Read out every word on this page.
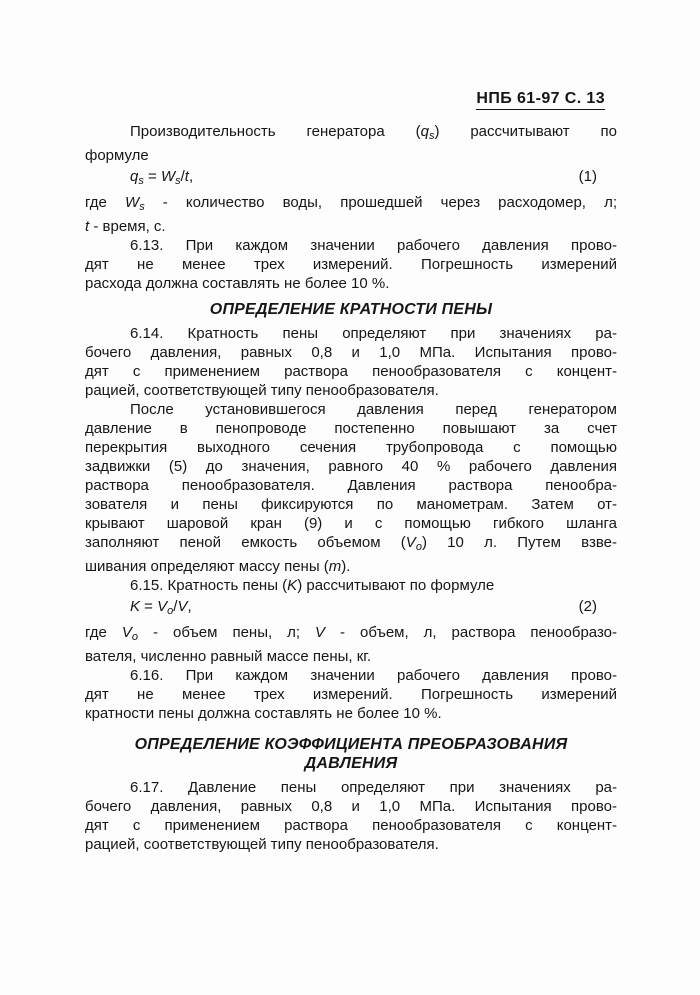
НПБ 61-97 С. 13
Производительность генератора $(q_s)$ рассчитывают по
формуле
$q_s = W_s/t$,	(1)
где $W_s$ - количество воды, прошедшей через расходомер, л;
t - время, с.
6.13. При каждом значении рабочего давления прово-
дят не менее трех измерений. Погрешность измерений
расхода должна составлять не более 10 %.
ОПРЕДЕЛЕНИЕ КРАТНОСТИ ПЕНЫ
6.14. Кратность пены определяют при значениях ра-
бочего давления, равных 0,8 и 1,0 МПа. Испытания прово-
дят с применением раствора пенообразователя с концент-
рацией, соответствующей типу пенообразователя.
После установившегося давления перед генератором
давление в пенопроводе постепенно повышают за счет
перекрытия выходного сечения трубопровода с помощью
задвижки (5) до значения, равного 40 % рабочего давления
раствора пенообразователя. Давления раствора пенообра-
зователя и пены фиксируются по манометрам. Затем от-
крывают шаровой кран (9) и с помощью гибкого шланга
заполняют пеной емкость объемом $(V_o)$ 10 л. Путем взве-
шивания определяют массу пены (m).
6.15. Кратность пены (K) рассчитывают по формуле
$K = V_o/V$,	(2)
где $V_o$ - объем пены, л; V - объем, л, раствора пенообразо-
вателя, численно равный массе пены, кг.
6.16. При каждом значении рабочего давления прово-
дят не менее трех измерений. Погрешность измерений
кратности пены должна составлять не более 10 %.
ОПРЕДЕЛЕНИЕ КОЭФФИЦИЕНТА ПРЕОБРАЗОВАНИЯ
ДАВЛЕНИЯ
6.17. Давление пены определяют при значениях ра-
бочего давления, равных 0,8 и 1,0 МПа. Испытания прово-
дят с применением раствора пенообразователя с концент-
рацией, соответствующей типу пенообразователя.
